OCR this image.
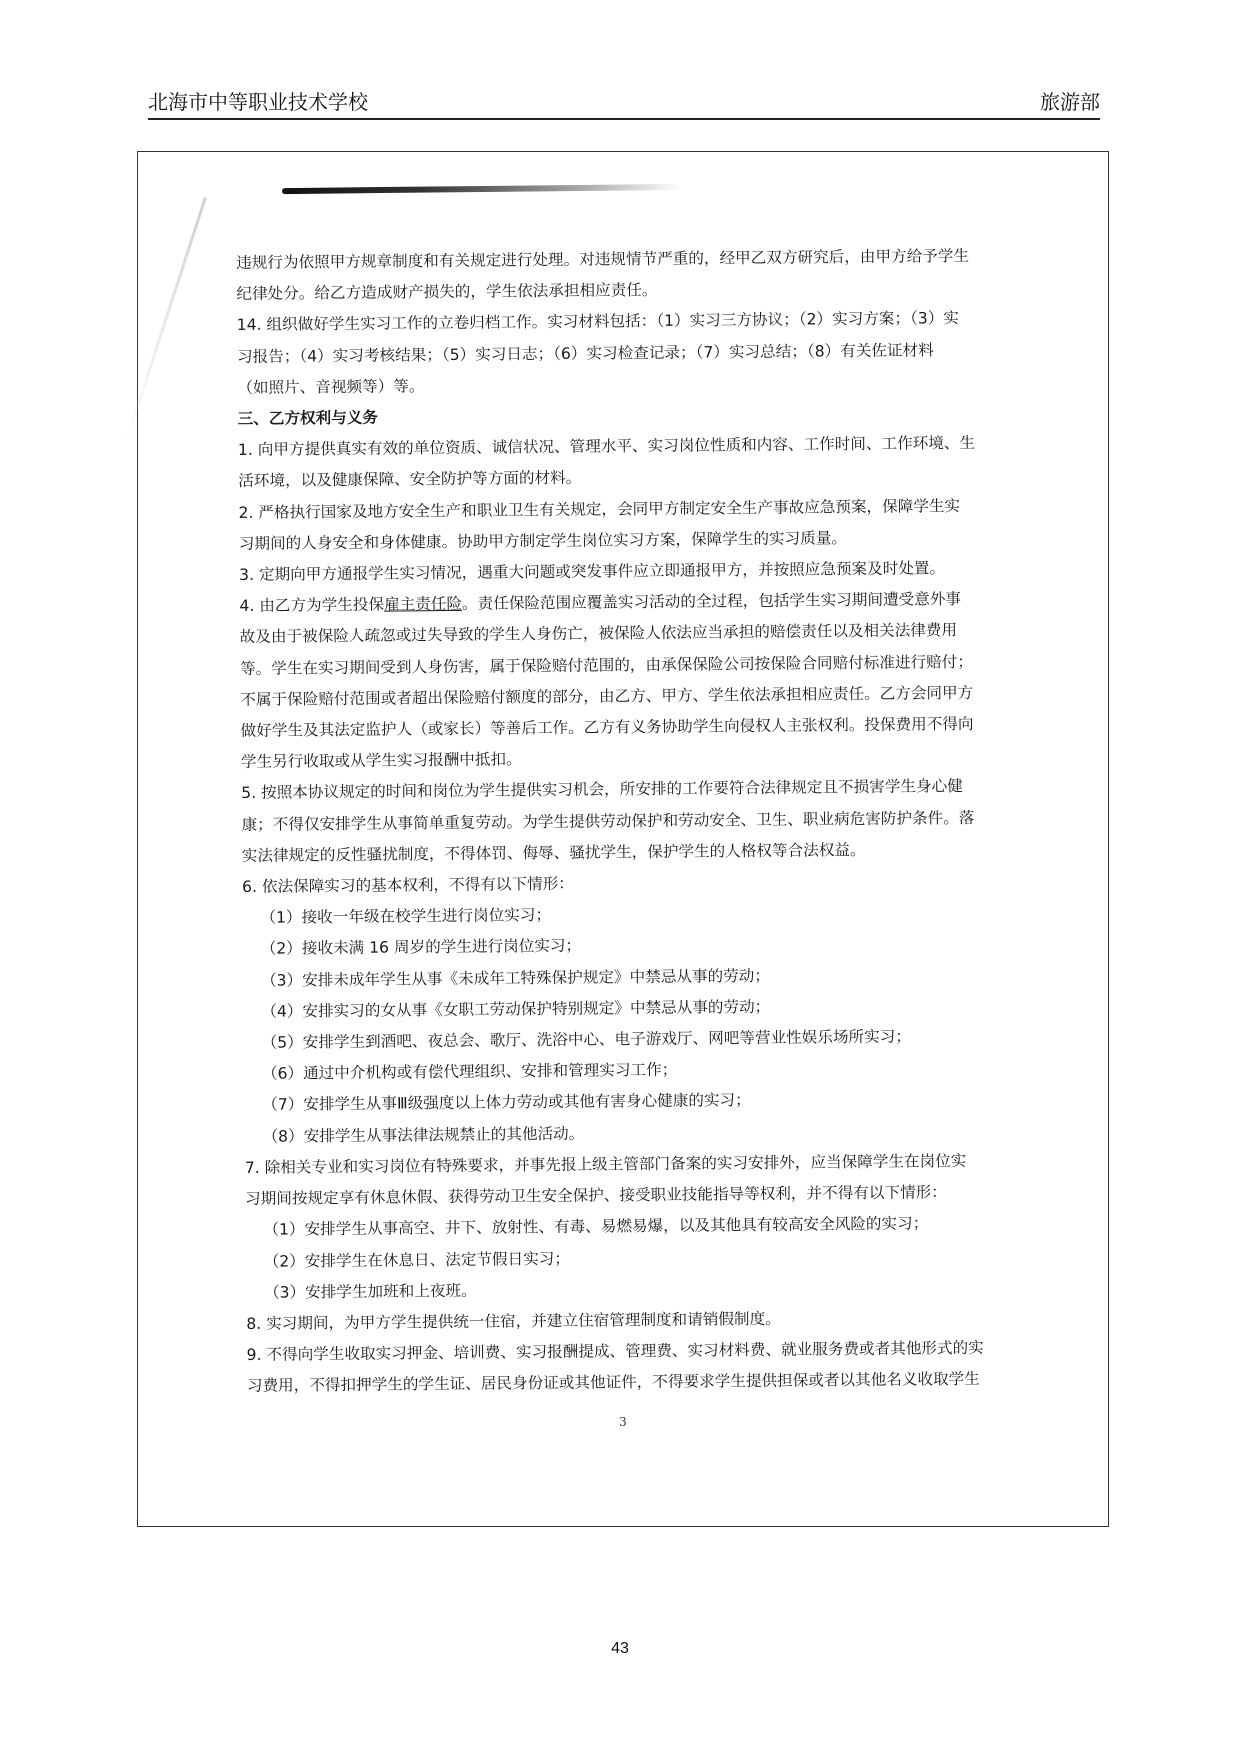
北海市中等职业技术学校	旅游部
违规行为依照甲方规章制度和有关规定进行处理。对违规情节严重的，经甲乙双方研究后，由甲方给予学生
纪律处分。给乙方造成财产损失的，学生依法承担相应责任。
14. 组织做好学生实习工作的立卷归档工作。实习材料包括：（1）实习三方协议；（2）实习方案；（3）实
习报告；（4）实习考核结果；（5）实习日志；（6）实习检查记录；（7）实习总结；（8）有关佐证材料
（如照片、音视频等）等。
三、乙方权利与义务
1. 向甲方提供真实有效的单位资质、诚信状况、管理水平、实习岗位性质和内容、工作时间、工作环境、生
活环境，以及健康保障、安全防护等方面的材料。
2. 严格执行国家及地方安全生产和职业卫生有关规定，会同甲方制定安全生产事故应急预案，保障学生实
习期间的人身安全和身体健康。协助甲方制定学生岗位实习方案，保障学生的实习质量。
3. 定期向甲方通报学生实习情况，遇重大问题或突发事件应立即通报甲方，并按照应急预案及时处置。
4. 由乙方为学生投保雇主责任险。责任保险范围应覆盖实习活动的全过程，包括学生实习期间遭受意外事
故及由于被保险人疏忽或过失导致的学生人身伤亡，被保险人依法应当承担的赔偿责任以及相关法律费用
等。学生在实习期间受到人身伤害，属于保险赔付范围的，由承保保险公司按保险合同赔付标准进行赔付；
不属于保险赔付范围或者超出保险赔付额度的部分，由乙方、甲方、学生依法承担相应责任。乙方会同甲方
做好学生及其法定监护人（或家长）等善后工作。乙方有义务协助学生向侵权人主张权利。投保费用不得向
学生另行收取或从学生实习报酬中抵扣。
5. 按照本协议规定的时间和岗位为学生提供实习机会，所安排的工作要符合法律规定且不损害学生身心健
康；不得仅安排学生从事简单重复劳动。为学生提供劳动保护和劳动安全、卫生、职业病危害防护条件。落
实法律规定的反性骚扰制度，不得体罚、侮辱、骚扰学生，保护学生的人格权等合法权益。
6. 依法保障实习的基本权利，不得有以下情形：
（1）接收一年级在校学生进行岗位实习；
（2）接收未满 16 周岁的学生进行岗位实习；
（3）安排未成年学生从事《未成年工特殊保护规定》中禁忌从事的劳动；
（4）安排实习的女从事《女职工劳动保护特别规定》中禁忌从事的劳动；
（5）安排学生到酒吧、夜总会、歌厅、洗浴中心、电子游戏厅、网吧等营业性娱乐场所实习；
（6）通过中介机构或有偿代理组织、安排和管理实习工作；
（7）安排学生从事Ⅲ级强度以上体力劳动或其他有害身心健康的实习；
（8）安排学生从事法律法规禁止的其他活动。
7. 除相关专业和实习岗位有特殊要求，并事先报上级主管部门备案的实习安排外，应当保障学生在岗位实
习期间按规定享有休息休假、获得劳动卫生安全保护、接受职业技能指导等权利，并不得有以下情形：
（1）安排学生从事高空、井下、放射性、有毒、易燃易爆，以及其他具有较高安全风险的实习；
（2）安排学生在休息日、法定节假日实习；
（3）安排学生加班和上夜班。
8. 实习期间，为甲方学生提供统一住宿，并建立住宿管理制度和请销假制度。
9. 不得向学生收取实习押金、培训费、实习报酬提成、管理费、实习材料费、就业服务费或者其他形式的实
习费用，不得扣押学生的学生证、居民身份证或其他证件，不得要求学生提供担保或者以其他名义收取学生
3
43
